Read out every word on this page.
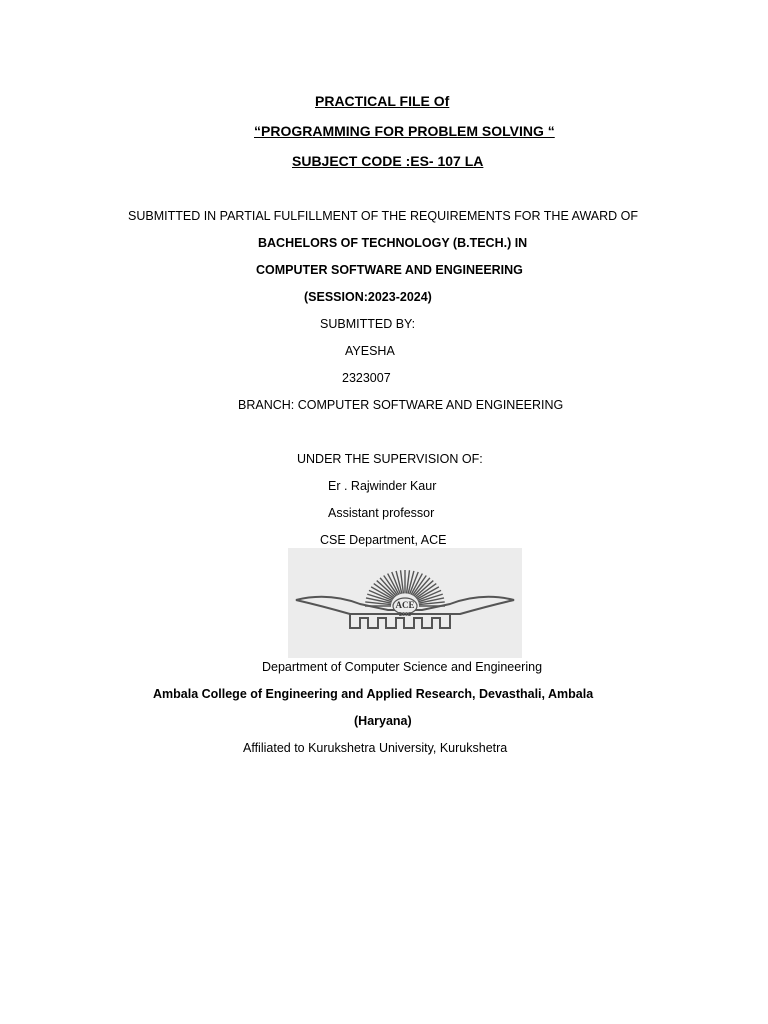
PRACTICAL FILE Of
“PROGRAMMING FOR PROBLEM SOLVING “
SUBJECT CODE :ES- 107 LA
SUBMITTED IN PARTIAL FULFILLMENT OF THE REQUIREMENTS FOR THE AWARD OF
BACHELORS OF TECHNOLOGY (B.TECH.) IN
COMPUTER SOFTWARE AND ENGINEERING
(SESSION:2023-2024)
SUBMITTED BY:
AYESHA
2323007
BRANCH: COMPUTER SOFTWARE AND ENGINEERING
UNDER THE SUPERVISION OF:
Er . Rajwinder Kaur
Assistant professor
CSE Department, ACE
ACE
2002
Department of Computer Science and Engineering
Ambala College of Engineering and Applied Research, Devasthali, Ambala
(Haryana)
Affiliated to Kurukshetra University, Kurukshetra
